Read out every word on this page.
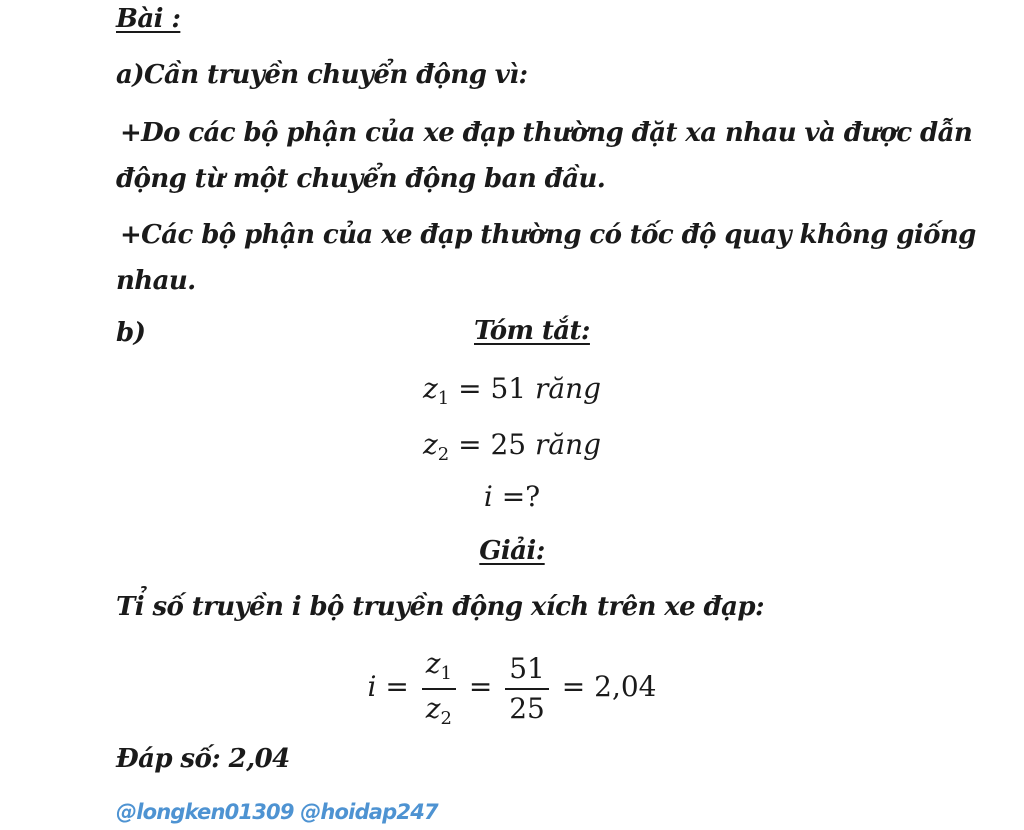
Bài :
a)Cần truyền chuyển động vì:
+Do các bộ phận của xe đạp thường đặt xa nhau và được dẫn
động từ một chuyển động ban đầu.
+Các bộ phận của xe đạp thường có tốc độ quay không giống
nhau.
b)	Tóm tắt:
$z_1 = 51$ răng
$z_2 = 25$ răng
i =?
Giải:
Tỉ số truyền i bộ truyền động xích trên xe đạp:
$i = \frac{z_1}{z_2} = \frac{51}{25} = 2,04$
Đáp số: 2,04
@longken01309 @hoidap247
